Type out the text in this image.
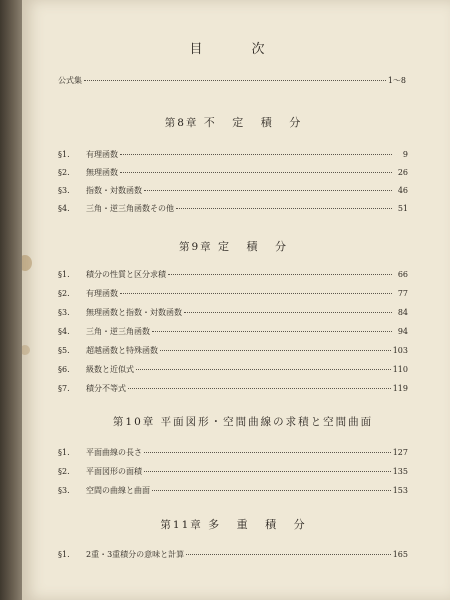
目　次
公式集	1～8
第8章 不 定 積 分
§1.	有理函数	9
§2.	無理函数	26
§3.	指数・対数函数	46
§4.	三角・逆三角函数その他	51
第9章 定 積 分
§1.	積分の性質と区分求積	66
§2.	有理函数	77
§3.	無理函数と指数・対数函数	84
§4.	三角・逆三角函数	94
§5.	超越函数と特殊函数	103
§6.	級数と近似式	110
§7.	積分不等式	119
第10章 平面図形・空間曲線の求積と空間曲面
§1.	平面曲線の長さ	127
§2.	平面図形の面積	135
§3.	空間の曲線と曲面	153
第11章 多 重 積 分
§1.	2重・3重積分の意味と計算	165
